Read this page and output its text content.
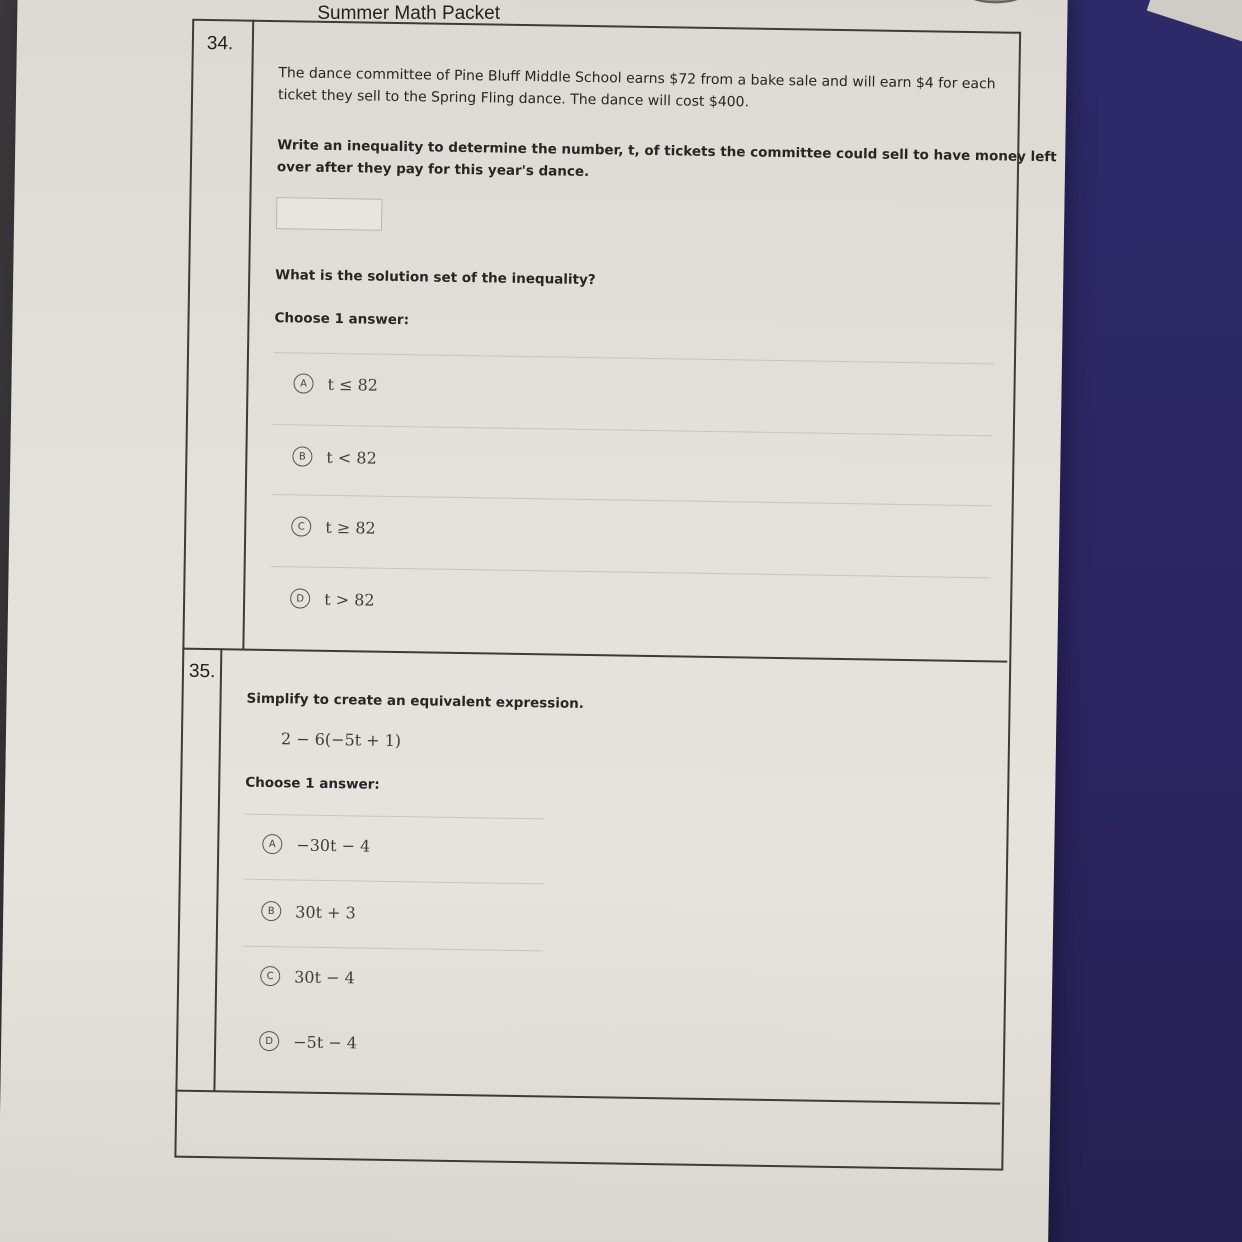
Summer Math Packet
34.
The dance committee of Pine Bluff Middle School earns $72 from a bake sale and will earn $4 for each
ticket they sell to the Spring Fling dance. The dance will cost $400.
Write an inequality to determine the number, t, of tickets the committee could sell to have money left
over after they pay for this year's dance.
What is the solution set of the inequality?
Choose 1 answer:
A	t ≤ 82
B	t < 82
C	t ≥ 82
D	t > 82
35.
Simplify to create an equivalent expression.
2 − 6(−5t + 1)
Choose 1 answer:
A	−30t − 4
B	30t + 3
C	30t − 4
D	−5t − 4
